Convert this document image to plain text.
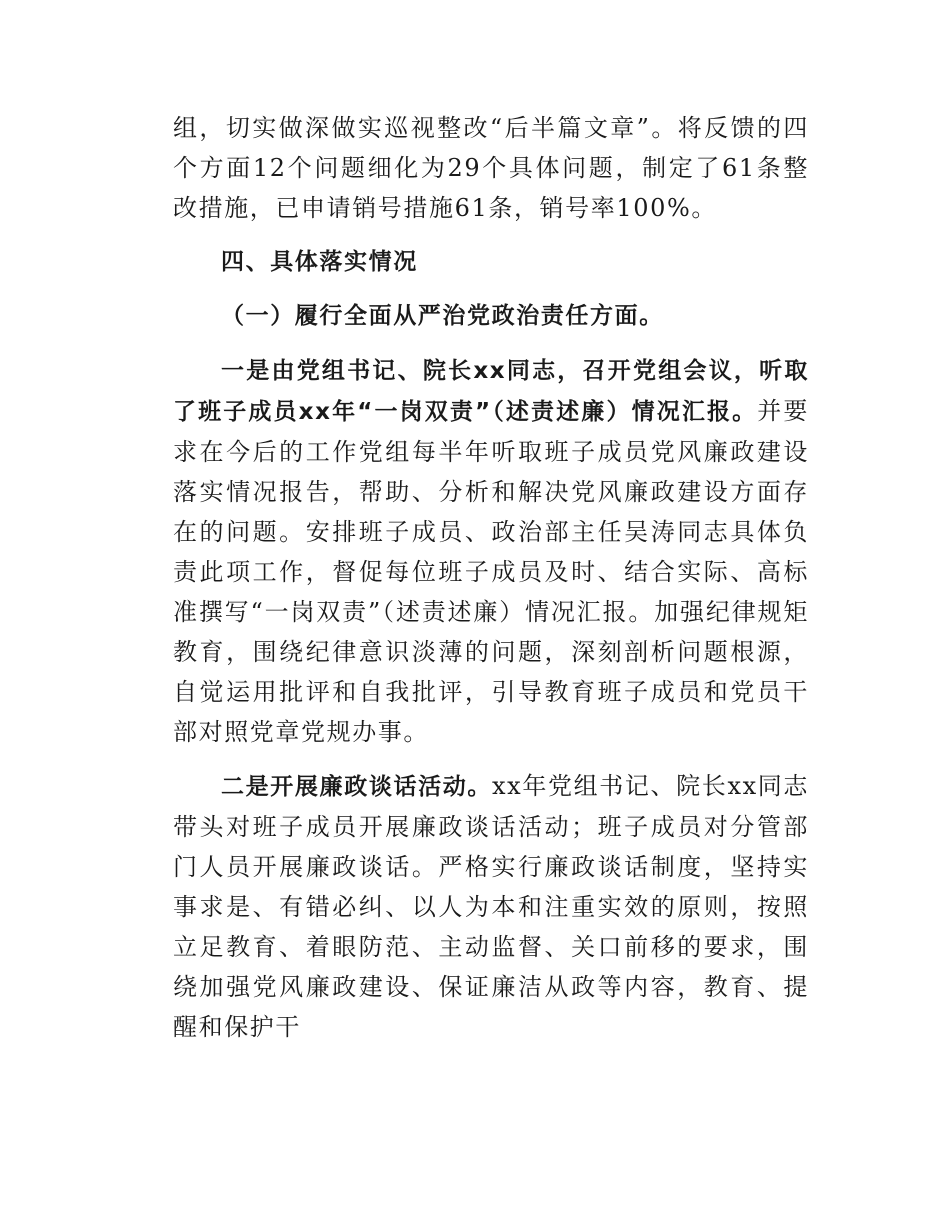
组，切实做深做实巡视整改“后半篇文章”。将反馈的四个方面12个问题细化为29个具体问题，制定了61条整改措施，已申请销号措施61条，销号率100%。

四、具体落实情况

（一）履行全面从严治党政治责任方面。

一是由党组书记、院长xx同志，召开党组会议，听取了班子成员xx年“一岗双责”（述责述廉）情况汇报。并要求在今后的工作党组每半年听取班子成员党风廉政建设落实情况报告，帮助、分析和解决党风廉政建设方面存在的问题。安排班子成员、政治部主任吴涛同志具体负责此项工作，督促每位班子成员及时、结合实际、高标准撰写“一岗双责”（述责述廉）情况汇报。加强纪律规矩教育，围绕纪律意识淡薄的问题，深刻剖析问题根源，自觉运用批评和自我批评，引导教育班子成员和党员干部对照党章党规办事。

二是开展廉政谈话活动。xx年党组书记、院长xx同志带头对班子成员开展廉政谈话活动；班子成员对分管部门人员开展廉政谈话。严格实行廉政谈话制度，坚持实事求是、有错必纠、以人为本和注重实效的原则，按照立足教育、着眼防范、主动监督、关口前移的要求，围绕加强党风廉政建设、保证廉洁从政等内容，教育、提醒和保护干
